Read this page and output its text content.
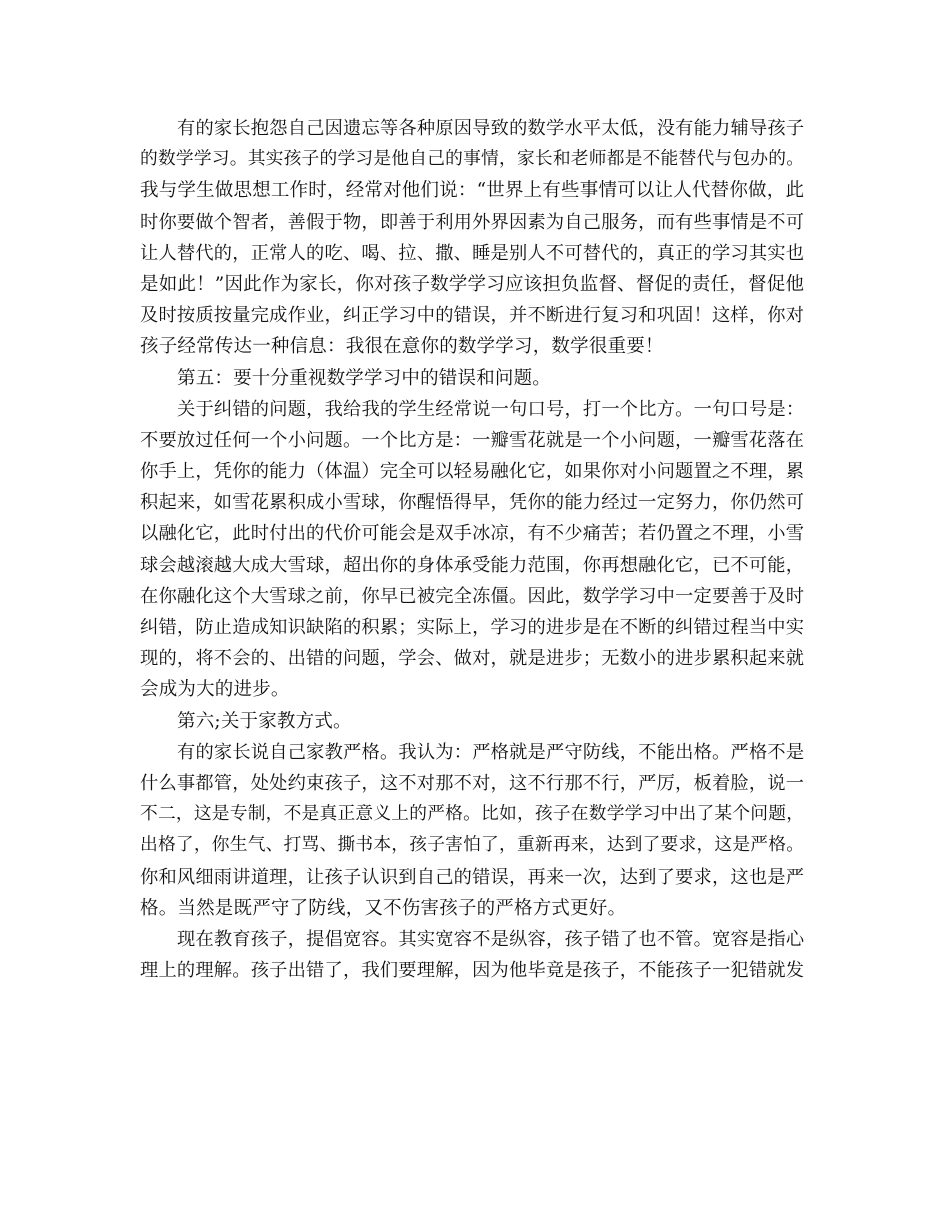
有的家长抱怨自己因遗忘等各种原因导致的数学水平太低，没有能力辅导孩子
的数学学习。其实孩子的学习是他自己的事情，家长和老师都是不能替代与包办的。
我与学生做思想工作时，经常对他们说：“世界上有些事情可以让人代替你做，此
时你要做个智者，善假于物，即善于利用外界因素为自己服务，而有些事情是不可
让人替代的，正常人的吃、喝、拉、撒、睡是别人不可替代的，真正的学习其实也
是如此！”因此作为家长，你对孩子数学学习应该担负监督、督促的责任，督促他
及时按质按量完成作业，纠正学习中的错误，并不断进行复习和巩固！这样，你对
孩子经常传达一种信息：我很在意你的数学学习，数学很重要！
第五：要十分重视数学学习中的错误和问题。
关于纠错的问题，我给我的学生经常说一句口号，打一个比方。一句口号是：
不要放过任何一个小问题。一个比方是：一瓣雪花就是一个小问题，一瓣雪花落在
你手上，凭你的能力（体温）完全可以轻易融化它，如果你对小问题置之不理，累
积起来，如雪花累积成小雪球，你醒悟得早，凭你的能力经过一定努力，你仍然可
以融化它，此时付出的代价可能会是双手冰凉，有不少痛苦；若仍置之不理，小雪
球会越滚越大成大雪球，超出你的身体承受能力范围，你再想融化它，已不可能，
在你融化这个大雪球之前，你早已被完全冻僵。因此，数学学习中一定要善于及时
纠错，防止造成知识缺陷的积累；实际上，学习的进步是在不断的纠错过程当中实
现的，将不会的、出错的问题，学会、做对，就是进步；无数小的进步累积起来就
会成为大的进步。
第六;关于家教方式。
有的家长说自己家教严格。我认为：严格就是严守防线，不能出格。严格不是
什么事都管，处处约束孩子，这不对那不对，这不行那不行，严厉，板着脸，说一
不二，这是专制，不是真正意义上的严格。比如，孩子在数学学习中出了某个问题，
出格了，你生气、打骂、撕书本，孩子害怕了，重新再来，达到了要求，这是严格。
你和风细雨讲道理，让孩子认识到自己的错误，再来一次，达到了要求，这也是严
格。当然是既严守了防线，又不伤害孩子的严格方式更好。
现在教育孩子，提倡宽容。其实宽容不是纵容，孩子错了也不管。宽容是指心
理上的理解。孩子出错了，我们要理解，因为他毕竟是孩子，不能孩子一犯错就发
